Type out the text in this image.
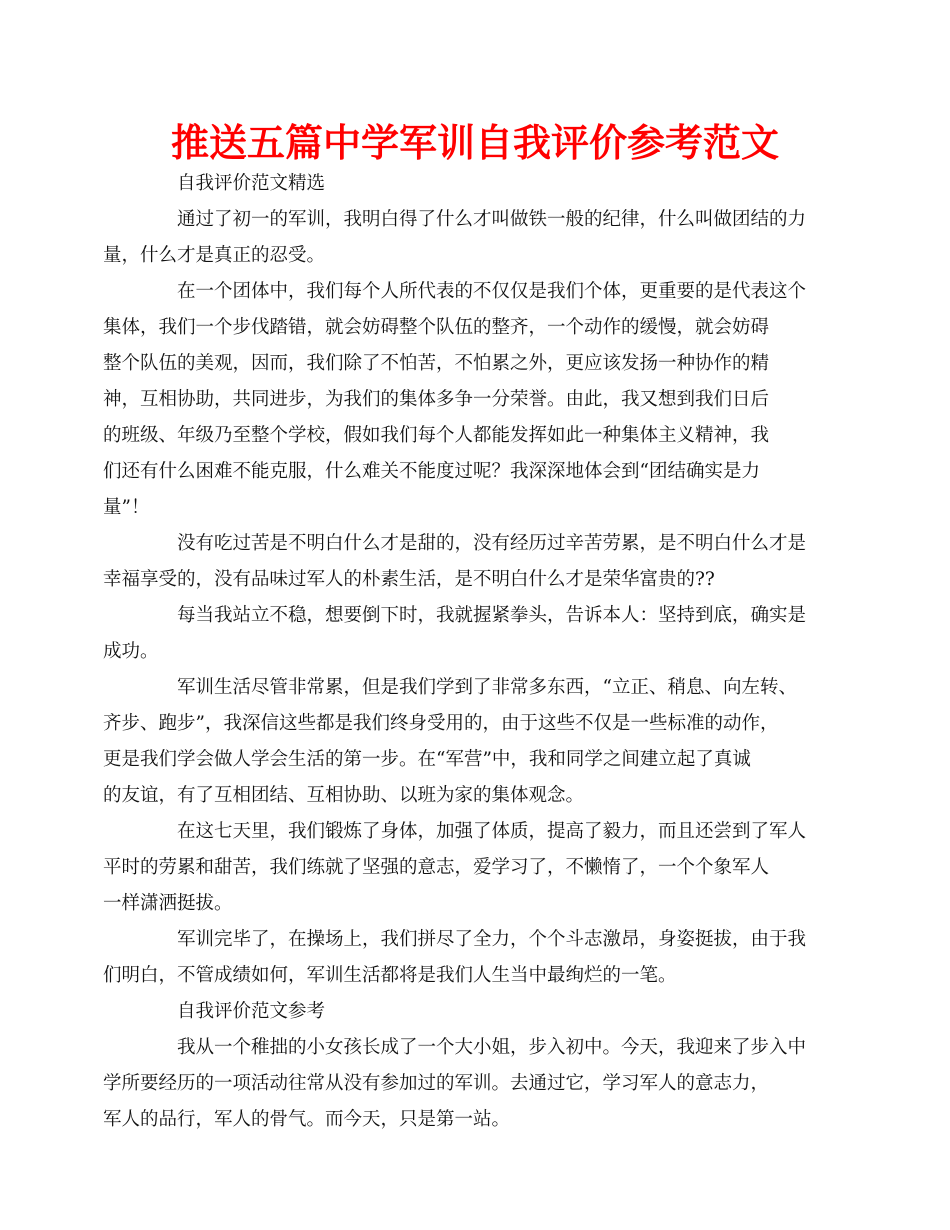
推送五篇中学军训自我评价参考范文

自我评价范文精选

通过了初一的军训，我明白得了什么才叫做铁一般的纪律，什么叫做团结的力
量，什么才是真正的忍受。

在一个团体中，我们每个人所代表的不仅仅是我们个体，更重要的是代表这个
集体，我们一个步伐踏错，就会妨碍整个队伍的整齐，一个动作的缓慢，就会妨碍
整个队伍的美观，因而，我们除了不怕苦，不怕累之外，更应该发扬一种协作的精
神，互相协助，共同进步，为我们的集体多争一分荣誉。由此，我又想到我们日后
的班级、年级乃至整个学校，假如我们每个人都能发挥如此一种集体主义精神，我
们还有什么困难不能克服，什么难关不能度过呢？我深深地体会到“团结确实是力
量”！

没有吃过苦是不明白什么才是甜的，没有经历过辛苦劳累，是不明白什么才是
幸福享受的，没有品味过军人的朴素生活，是不明白什么才是荣华富贵的??

每当我站立不稳，想要倒下时，我就握紧拳头，告诉本人：坚持到底，确实是
成功。

军训生活尽管非常累，但是我们学到了非常多东西，“立正、稍息、向左转、
齐步、跑步”，我深信这些都是我们终身受用的，由于这些不仅是一些标准的动作，
更是我们学会做人学会生活的第一步。在“军营”中，我和同学之间建立起了真诚
的友谊，有了互相团结、互相协助、以班为家的集体观念。

在这七天里，我们锻炼了身体，加强了体质，提高了毅力，而且还尝到了军人
平时的劳累和甜苦，我们练就了坚强的意志，爱学习了，不懒惰了，一个个象军人
一样潇洒挺拔。

军训完毕了，在操场上，我们拼尽了全力，个个斗志激昂，身姿挺拔，由于我
们明白，不管成绩如何，军训生活都将是我们人生当中最绚烂的一笔。

自我评价范文参考

我从一个稚拙的小女孩长成了一个大小姐，步入初中。今天，我迎来了步入中
学所要经历的一项活动往常从没有参加过的军训。去通过它，学习军人的意志力，
军人的品行，军人的骨气。而今天，只是第一站。
